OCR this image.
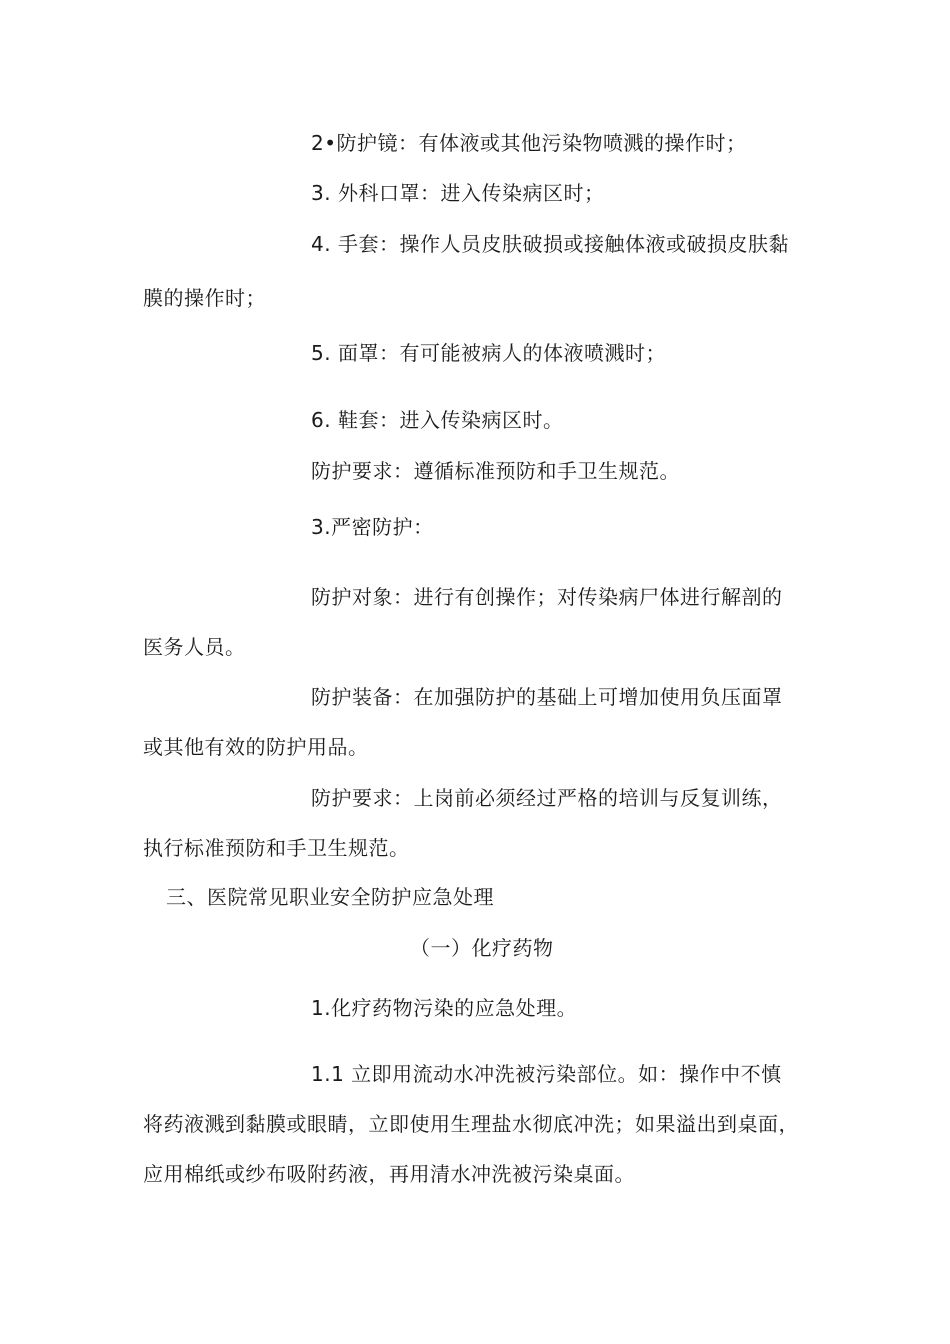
2•防护镜：有体液或其他污染物喷溅的操作时；
3. 外科口罩：进入传染病区时；
4. 手套：操作人员皮肤破损或接触体液或破损皮肤黏
膜的操作时；
5. 面罩：有可能被病人的体液喷溅时；
6. 鞋套：进入传染病区时。
防护要求：遵循标准预防和手卫生规范。
3.严密防护：
防护对象：进行有创操作；对传染病尸体进行解剖的
医务人员。
防护装备：在加强防护的基础上可增加使用负压面罩
或其他有效的防护用品。
防护要求：上岗前必须经过严格的培训与反复训练，
执行标准预防和手卫生规范。
三、医院常见职业安全防护应急处理
（一）化疗药物
1.化疗药物污染的应急处理。
1.1 立即用流动水冲洗被污染部位。如：操作中不慎
将药液溅到黏膜或眼睛，立即使用生理盐水彻底冲洗；如果溢出到桌面，
应用棉纸或纱布吸附药液，再用清水冲洗被污染桌面。
